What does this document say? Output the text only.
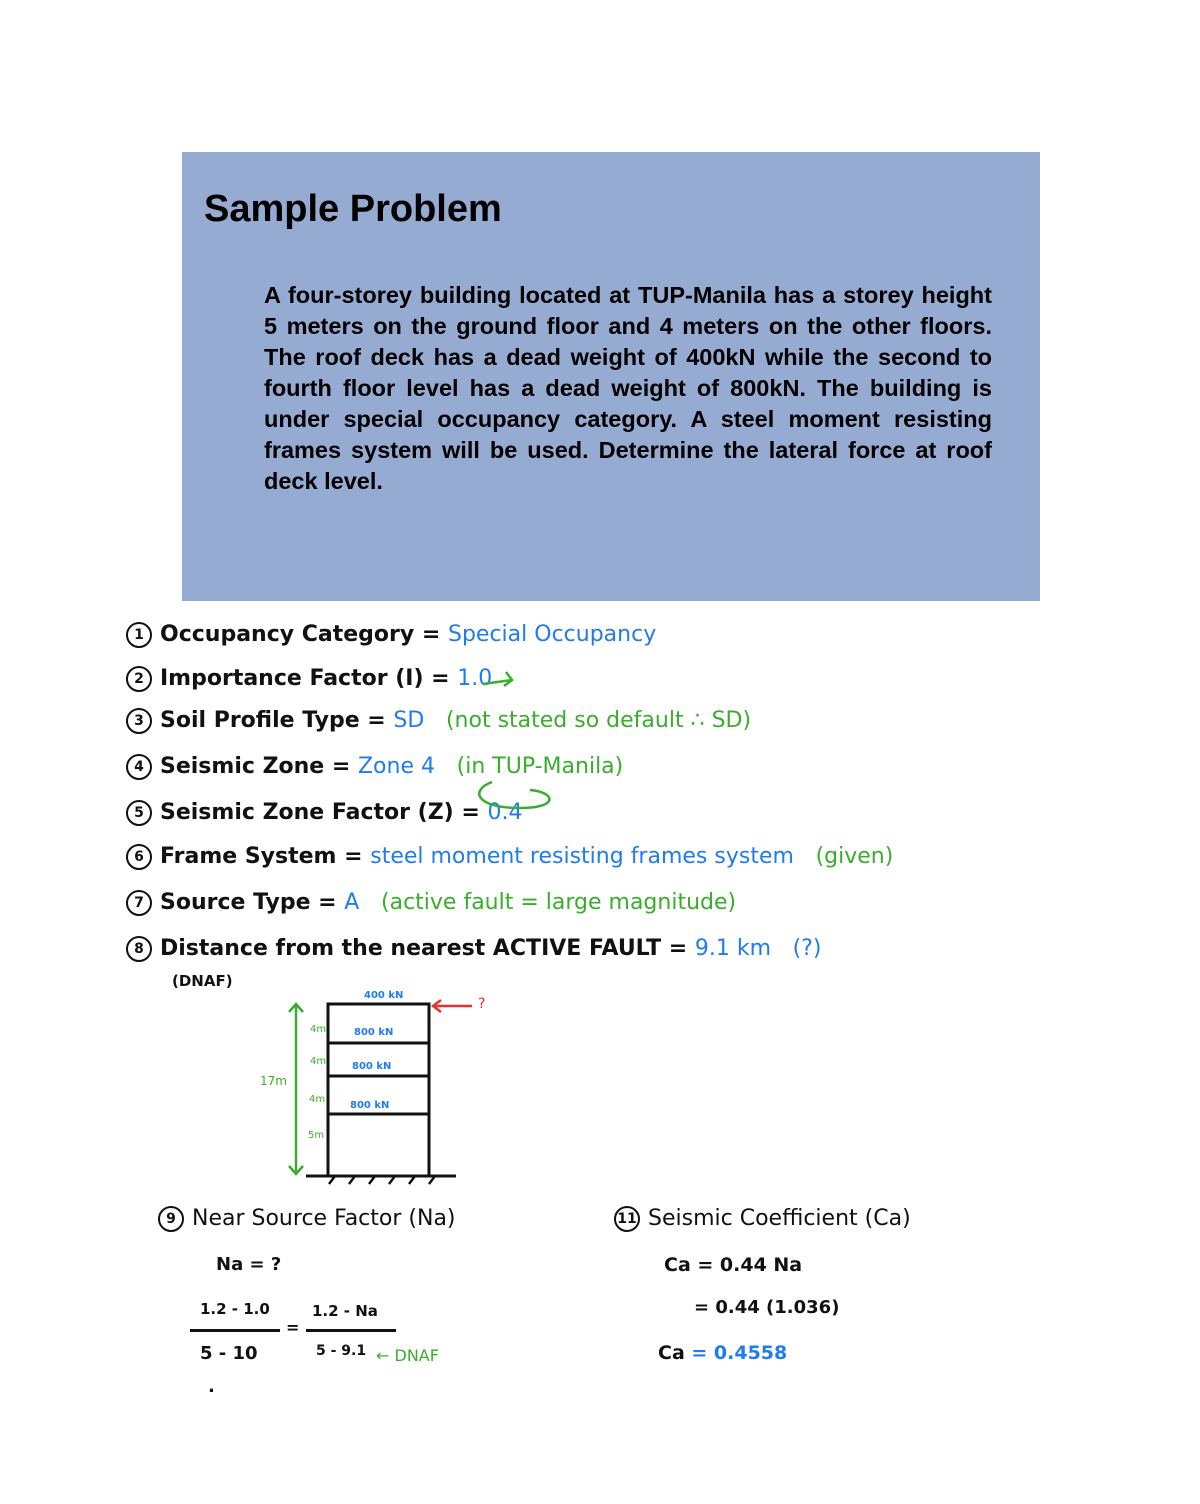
Sample Problem

A four-storey building located at TUP-Manila has a storey height 5 meters on the ground floor and 4 meters on the other floors. The roof deck has a dead weight of 400kN while the second to fourth floor level has a dead weight of 800kN. The building is under special occupancy category. A steel moment resisting frames system will be used. Determine the lateral force at roof deck level.

1 Occupancy Category = Special Occupancy
2 Importance Factor (I) = 1.0
3 Soil Profile Type = SD (not stated so default ∴ SD)
4 Seismic Zone = Zone 4 (in TUP-Manila)
5 Seismic Zone Factor (Z) = 0.4
6 Frame System = steel moment resisting frames system (given)
7 Source Type = A (active fault = large magnitude)
8 Distance from the nearest ACTIVE FAULT = 9.1 km (?)
(DNAF)
400 kN
800 kN
800 kN
800 kN
4m
4m
4m
5m
17m
?
9 Near Source Factor (Na)
Na = ?
1.2 - 1.0
5 - 10
=
1.2 - Na
5 - 9.1 ← DNAF
.
11 Seismic Coefficient (Ca)
Ca = 0.44 Na
= 0.44 (1.036)
Ca = 0.4558
